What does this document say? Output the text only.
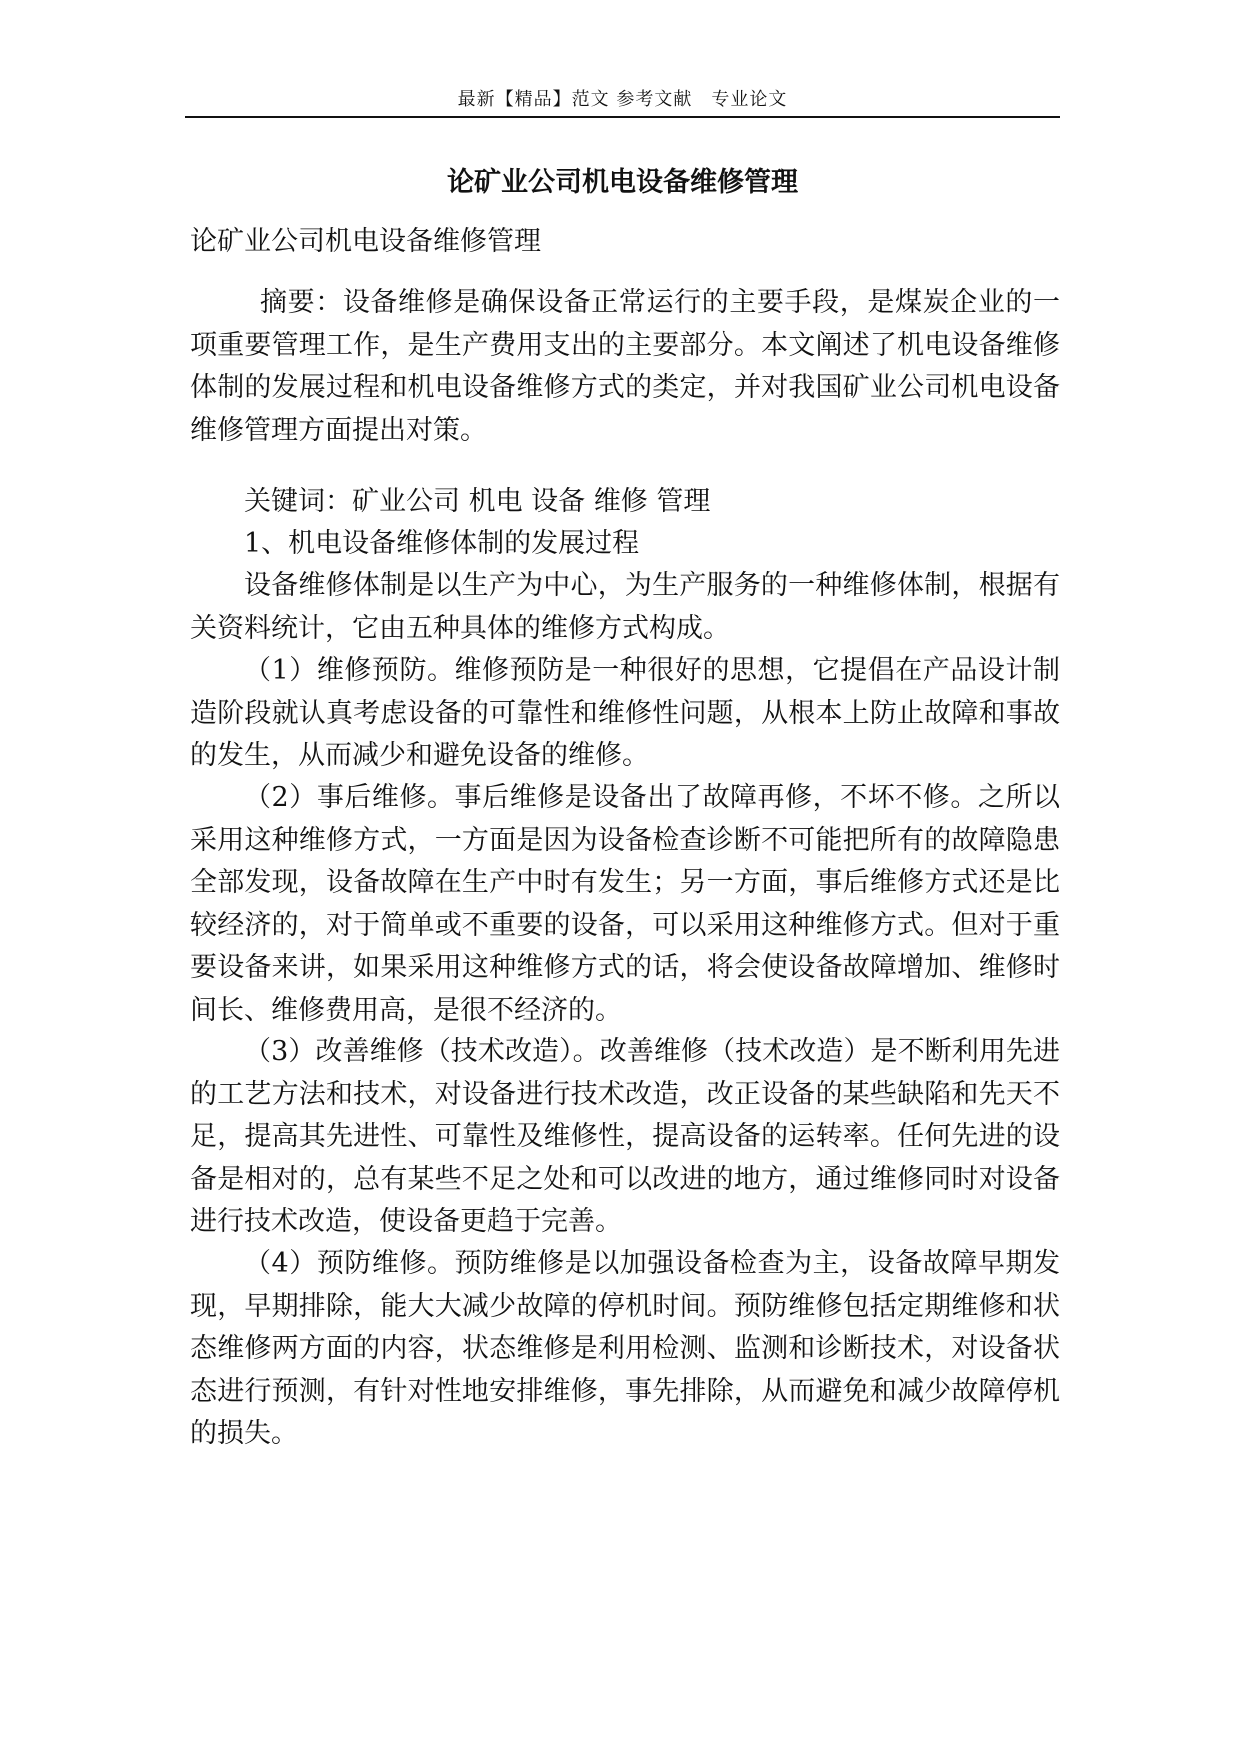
最新【精品】范文 参考文献　专业论文
论矿业公司机电设备维修管理

论矿业公司机电设备维修管理

摘要：设备维修是确保设备正常运行的主要手段，是煤炭企业的一项重要管理工作，是生产费用支出的主要部分。本文阐述了机电设备维修体制的发展过程和机电设备维修方式的类定，并对我国矿业公司机电设备维修管理方面提出对策。

关键词：矿业公司 机电 设备 维修 管理

1、机电设备维修体制的发展过程

设备维修体制是以生产为中心，为生产服务的一种维修体制，根据有关资料统计，它由五种具体的维修方式构成。

（1）维修预防。维修预防是一种很好的思想，它提倡在产品设计制造阶段就认真考虑设备的可靠性和维修性问题，从根本上防止故障和事故的发生，从而减少和避免设备的维修。

（2）事后维修。事后维修是设备出了故障再修，不坏不修。之所以采用这种维修方式，一方面是因为设备检查诊断不可能把所有的故障隐患全部发现，设备故障在生产中时有发生；另一方面，事后维修方式还是比较经济的，对于简单或不重要的设备，可以采用这种维修方式。但对于重要设备来讲，如果采用这种维修方式的话，将会使设备故障增加、维修时间长、维修费用高，是很不经济的。

（3）改善维修（技术改造）。改善维修（技术改造）是不断利用先进的工艺方法和技术，对设备进行技术改造，改正设备的某些缺陷和先天不足，提高其先进性、可靠性及维修性，提高设备的运转率。任何先进的设备是相对的，总有某些不足之处和可以改进的地方，通过维修同时对设备进行技术改造，使设备更趋于完善。

（4）预防维修。预防维修是以加强设备检查为主，设备故障早期发现，早期排除，能大大减少故障的停机时间。预防维修包括定期维修和状态维修两方面的内容，状态维修是利用检测、监测和诊断技术，对设备状态进行预测，有针对性地安排维修，事先排除，从而避免和减少故障停机的损失。
